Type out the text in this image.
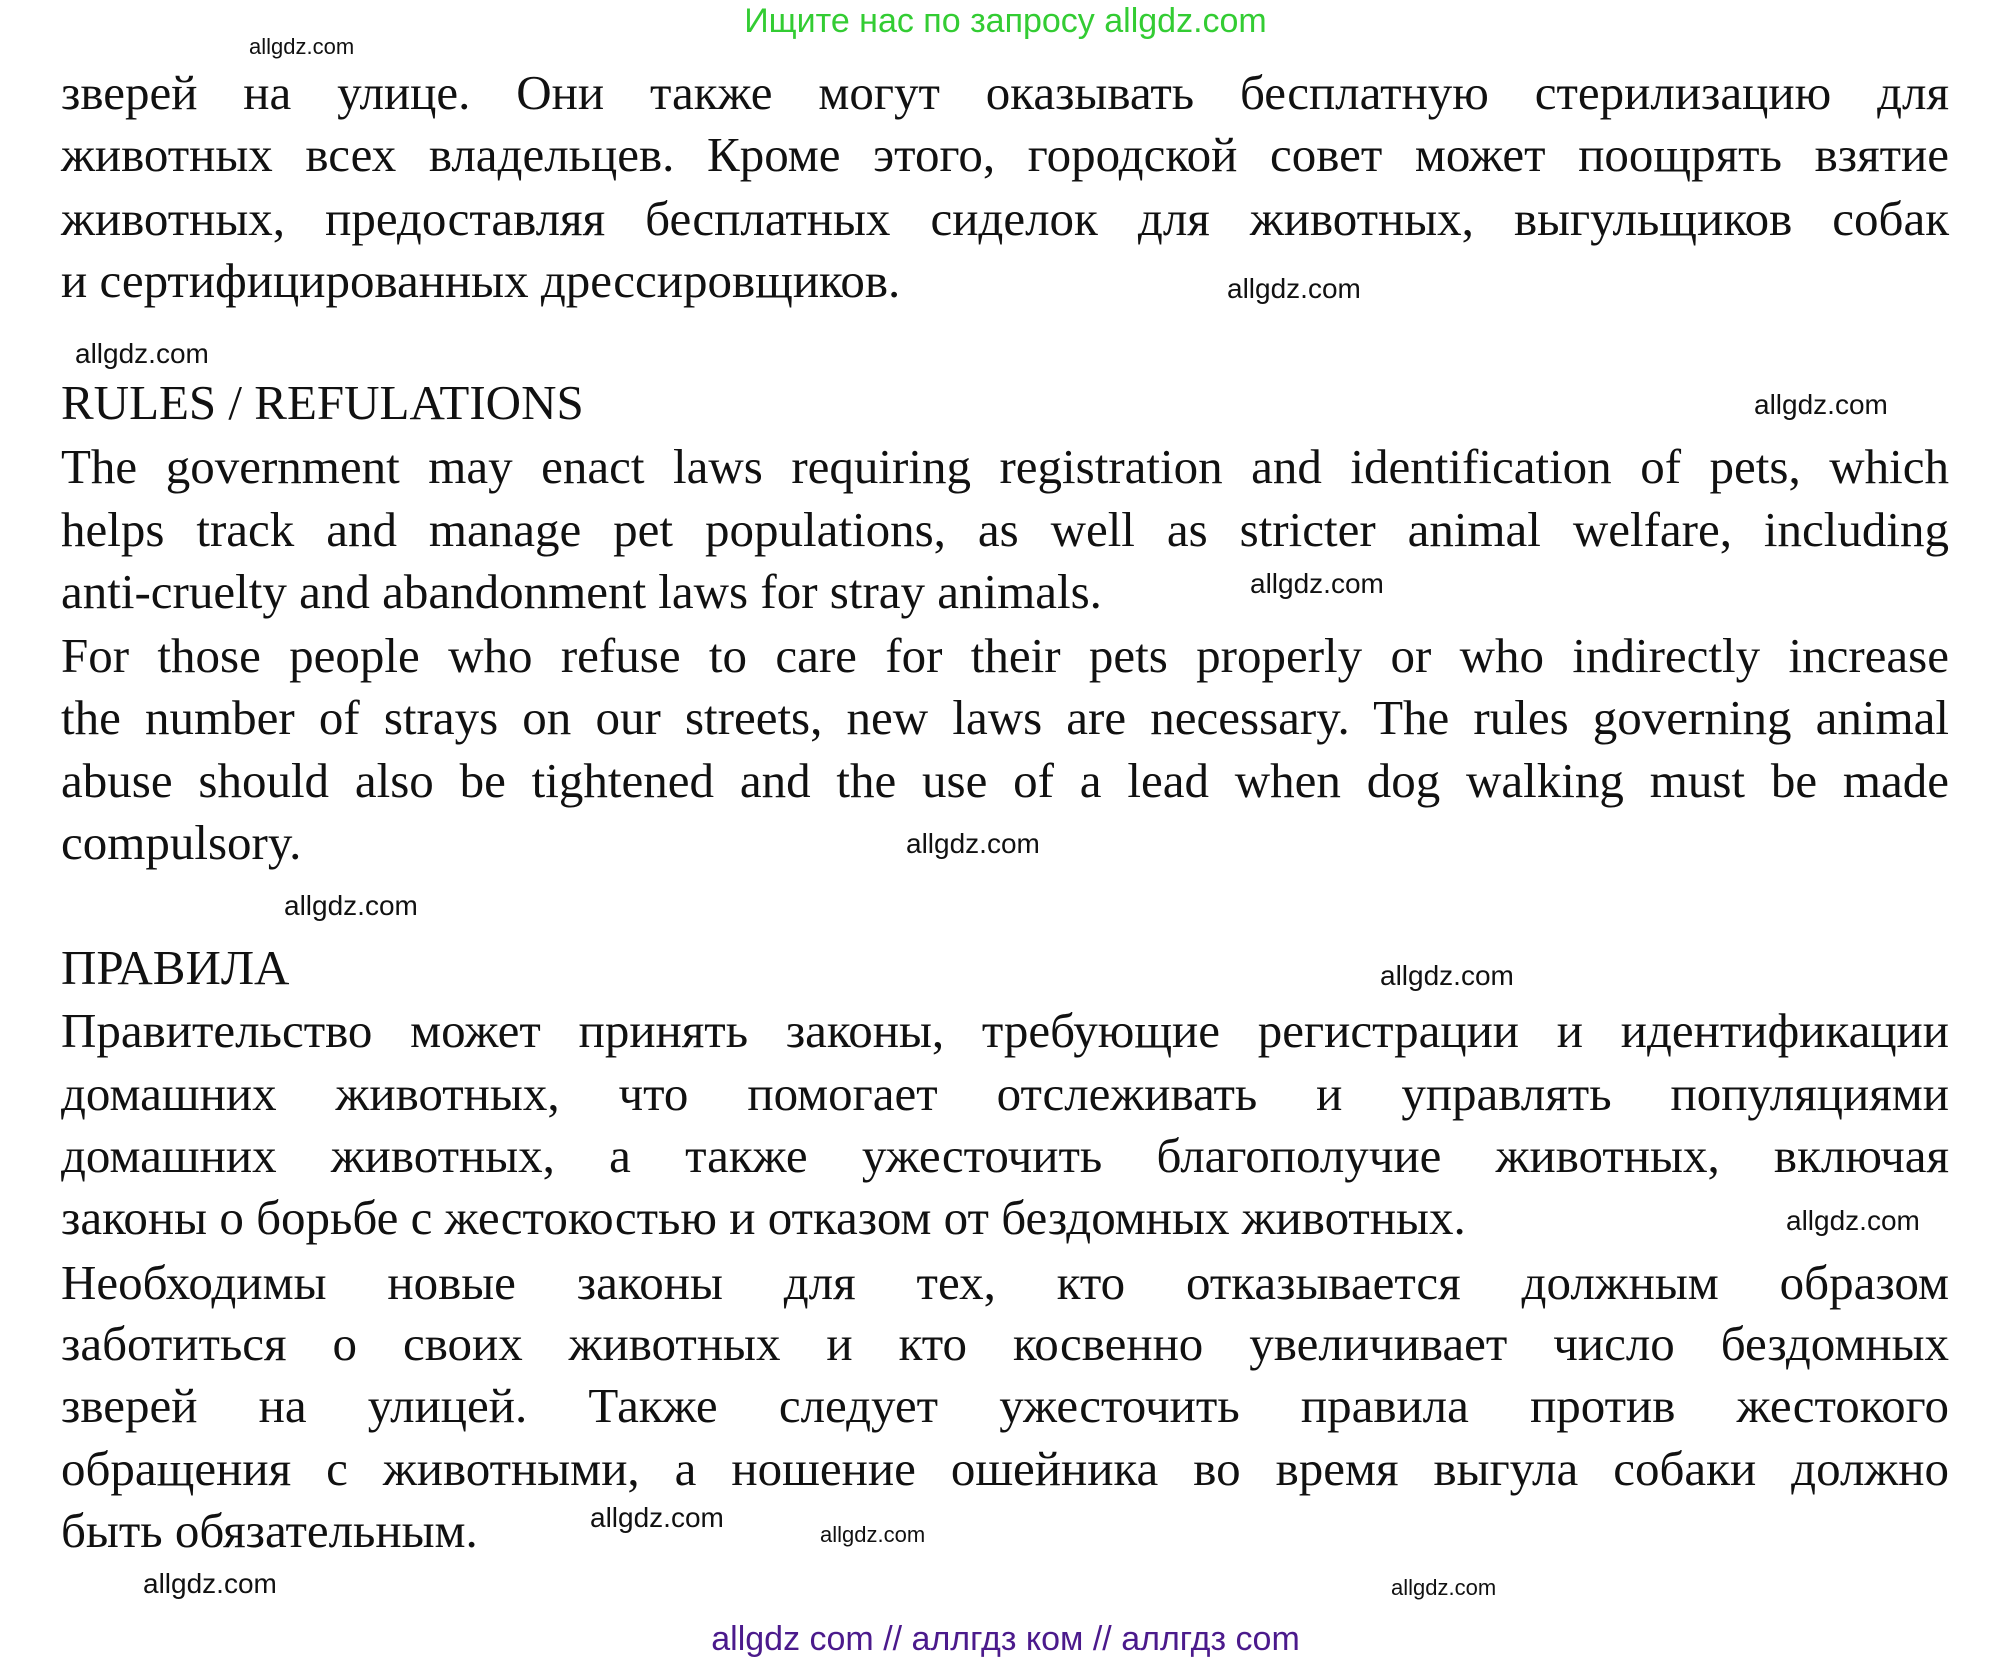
Ищите нас по запросу allgdz.com
зверей на улице. Они также могут оказывать бесплатную стерилизацию для
животных всех владельцев. Кроме этого, городской совет может поощрять взятие
животных, предоставляя бесплатных сиделок для животных, выгульщиков собак
и сертифицированных дрессировщиков.
RULES / REFULATIONS
The government may enact laws requiring registration and identification of pets, which
helps track and manage pet populations, as well as stricter animal welfare, including
anti-cruelty and abandonment laws for stray animals.
For those people who refuse to care for their pets properly or who indirectly increase
the number of strays on our streets, new laws are necessary. The rules governing animal
abuse should also be tightened and the use of a lead when dog walking must be made
compulsory.
ПРАВИЛА
Правительство может принять законы, требующие регистрации и идентификации
домашних животных, что помогает отслеживать и управлять популяциями
домашних животных, а также ужесточить благополучие животных, включая
законы о борьбе с жестокостью и отказом от бездомных животных.
Необходимы новые законы для тех, кто отказывается должным образом
заботиться о своих животных и кто косвенно увеличивает число бездомных
зверей на улицей. Также следует ужесточить правила против жестокого
обращения с животными, а ношение ошейника во время выгула собаки должно
быть обязательным.
allgdz.com
allgdz.com
allgdz.com
allgdz.com
allgdz.com
allgdz.com
allgdz.com
allgdz.com
allgdz.com
allgdz.com
allgdz.com
allgdz.com
allgdz.com
allgdz com // аллгдз ком // аллгдз com
